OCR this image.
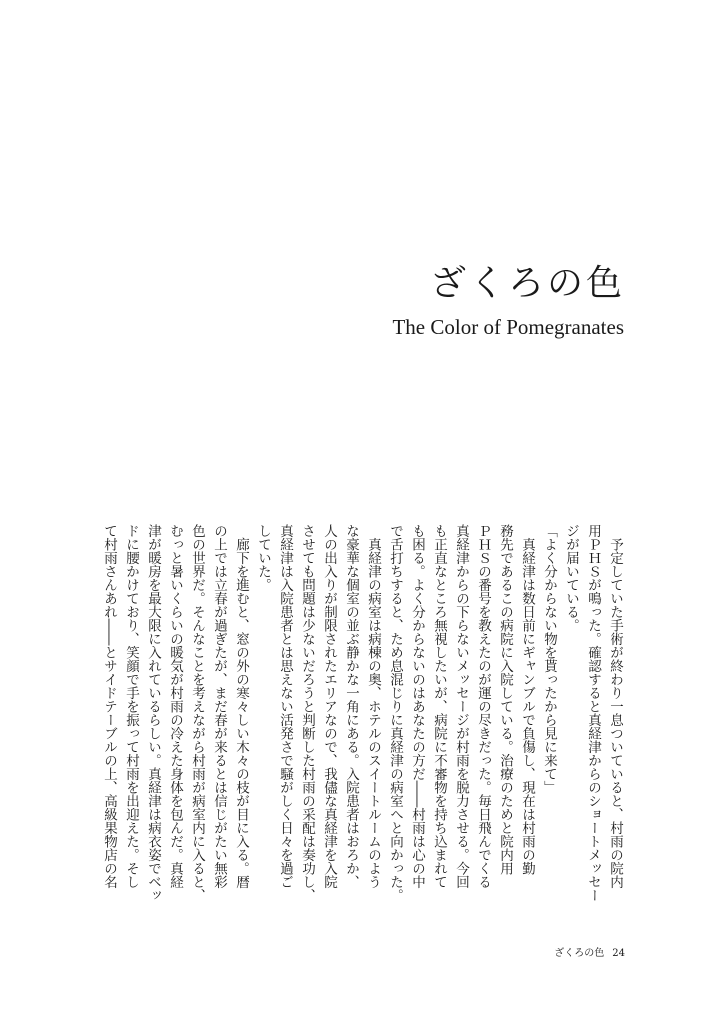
ざくろの色
The Color of Pomegranates

　予定していた手術が終わり一息ついていると、村雨の院内

用ＰＨＳが鳴った。確認すると真経津からのショートメッセー

ジが届いている。

「よく分からない物を貰ったから見に来て」

　真経津は数日前にギャンブルで負傷し、現在は村雨の勤

務先であるこの病院に入院している。治療のためと院内用

ＰＨＳの番号を教えたのが運の尽きだった。毎日飛んでくる

真経津からの下らないメッセージが村雨を脱力させる。今回

も正直なところ無視したいが、病院に不審物を持ち込まれて

も困る。よく分からないのはあなたの方だ――村雨は心の中

で舌打ちすると、ため息混じりに真経津の病室へと向かった。

　真経津の病室は病棟の奥、ホテルのスイートルームのよう

な豪華な個室の並ぶ静かな一角にある。入院患者はおろか、

人の出入りが制限されたエリアなので、我儘な真経津を入院

させても問題は少ないだろうと判断した村雨の采配は奏功し、

真経津は入院患者とは思えない活発さで騒がしく日々を過ご

していた。

　廊下を進むと、窓の外の寒々しい木々の枝が目に入る。暦

の上では立春が過ぎたが、まだ春が来るとは信じがたい無彩

色の世界だ。そんなことを考えながら村雨が病室内に入ると、

むっと暑いくらいの暖気が村雨の冷えた身体を包んだ。真経

津が暖房を最大限に入れているらしい。真経津は病衣姿でベッ

ドに腰かけており、笑顔で手を振って村雨を出迎えた。そし

て村雨さんあれ――とサイドテーブルの上、高級果物店の名

ざくろの色 24
